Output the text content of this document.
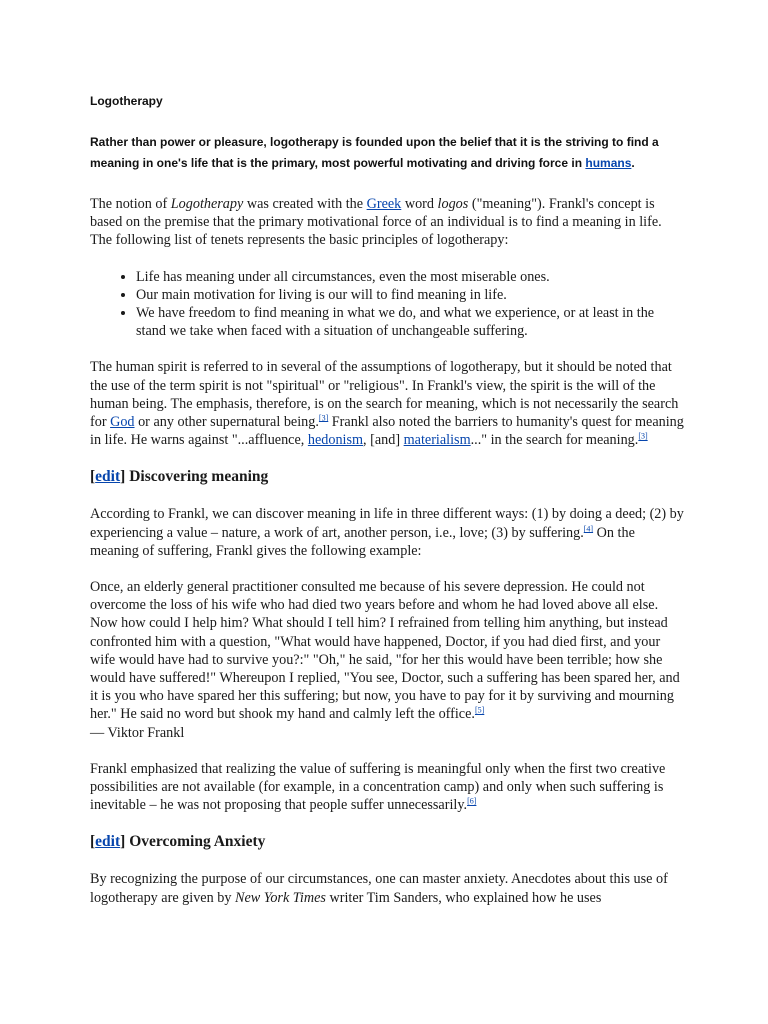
Logotherapy
Rather than power or pleasure, logotherapy is founded upon the belief that it is the striving to find a meaning in one's life that is the primary, most powerful motivating and driving force in humans.

The notion of Logotherapy was created with the Greek word logos ("meaning"). Frankl's concept is based on the premise that the primary motivational force of an individual is to find a meaning in life. The following list of tenets represents the basic principles of logotherapy:

• Life has meaning under all circumstances, even the most miserable ones.
• Our main motivation for living is our will to find meaning in life.
• We have freedom to find meaning in what we do, and what we experience, or at least in the stand we take when faced with a situation of unchangeable suffering.

The human spirit is referred to in several of the assumptions of logotherapy, but it should be noted that the use of the term spirit is not "spiritual" or "religious". In Frankl's view, the spirit is the will of the human being. The emphasis, therefore, is on the search for meaning, which is not necessarily the search for God or any other supernatural being.[3] Frankl also noted the barriers to humanity's quest for meaning in life. He warns against "...affluence, hedonism, [and] materialism..." in the search for meaning.[3]

[edit] Discovering meaning

According to Frankl, we can discover meaning in life in three different ways: (1) by doing a deed; (2) by experiencing a value – nature, a work of art, another person, i.e., love; (3) by suffering.[4] On the meaning of suffering, Frankl gives the following example:

Once, an elderly general practitioner consulted me because of his severe depression. He could not overcome the loss of his wife who had died two years before and whom he had loved above all else. Now how could I help him? What should I tell him? I refrained from telling him anything, but instead confronted him with a question, "What would have happened, Doctor, if you had died first, and your wife would have had to survive you?:" "Oh," he said, "for her this would have been terrible; how she would have suffered!" Whereupon I replied, "You see, Doctor, such a suffering has been spared her, and it is you who have spared her this suffering; but now, you have to pay for it by surviving and mourning her." He said no word but shook my hand and calmly left the office.[5]
— Viktor Frankl

Frankl emphasized that realizing the value of suffering is meaningful only when the first two creative possibilities are not available (for example, in a concentration camp) and only when such suffering is inevitable – he was not proposing that people suffer unnecessarily.[6]

[edit] Overcoming Anxiety

By recognizing the purpose of our circumstances, one can master anxiety. Anecdotes about this use of logotherapy are given by New York Times writer Tim Sanders, who explained how he uses
